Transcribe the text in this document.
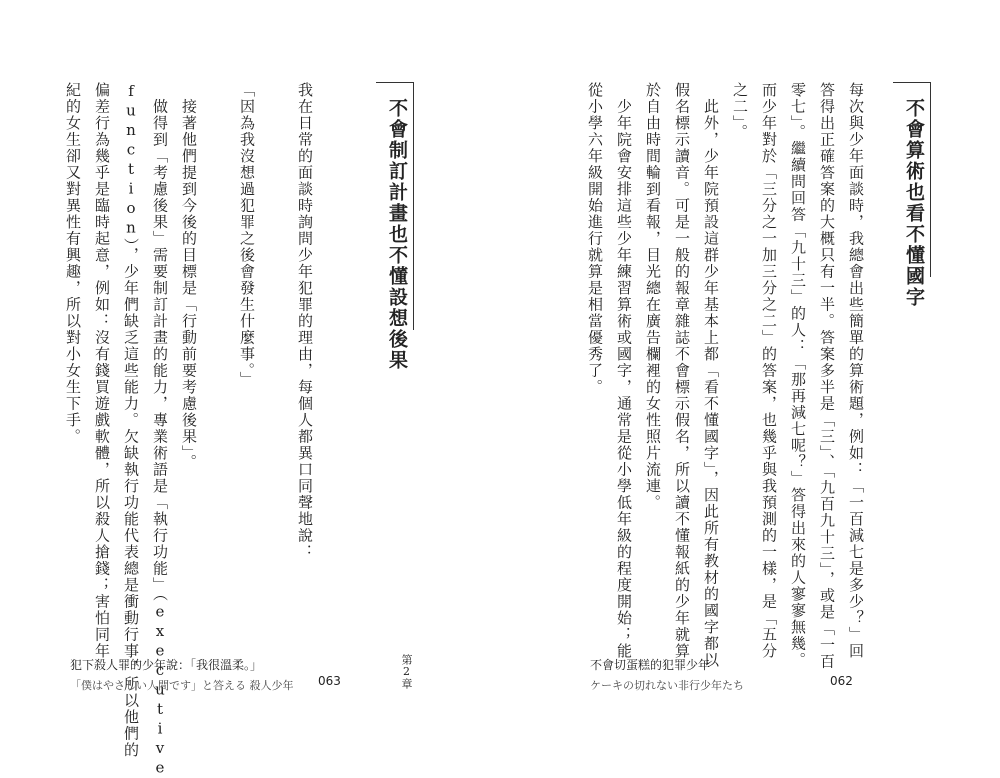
不會算術也看不懂國字
每次與少年面談時，我總會出些簡單的算術題，例如：「一百減七是多少？」回
答得出正確答案的大概只有一半。答案多半是「三」、「九百九十三」，或是「一百
零七」。繼續問回答「九十三」的人：「那再減七呢？」答得出來的人寥寥無幾。
而少年對於「三分之一加三分之二」的答案，也幾乎與我預測的一樣，是「五分
之二」。
　此外，少年院預設這群少年基本上都「看不懂國字」，因此所有教材的國字都以
假名標示讀音。可是一般的報章雜誌不會標示假名，所以讀不懂報紙的少年就算
於自由時間輪到看報，目光總在廣告欄裡的女性照片流連。
　少年院會安排這些少年練習算術或國字，通常是從小學低年級的程度開始；能
從小學六年級開始進行就算是相當優秀了。
不會切蛋糕的犯罪少年
ケーキの切れない非行少年たち	062
不會制訂計畫也不懂設想後果
我在日常的面談時詢問少年犯罪的理由，每個人都異口同聲地說：
「因為我沒想過犯罪之後會發生什麼事。」
　接著他們提到今後的目標是「行動前要考慮後果」。
　做得到「考慮後果」需要制訂計畫的能力，專業術語是「執行功能」（executive
function），少年們缺乏這些能力。欠缺執行功能代表總是衝動行事，所以他們的
偏差行為幾乎是臨時起意，例如：沒有錢買遊戲軟體，所以殺人搶錢；害怕同年
紀的女生卻又對異性有興趣，所以對小女生下手。
犯下殺人罪的少年說：「我很溫柔。」
「僕はやさしい人間です」と答える 殺人少年 063	第2章
